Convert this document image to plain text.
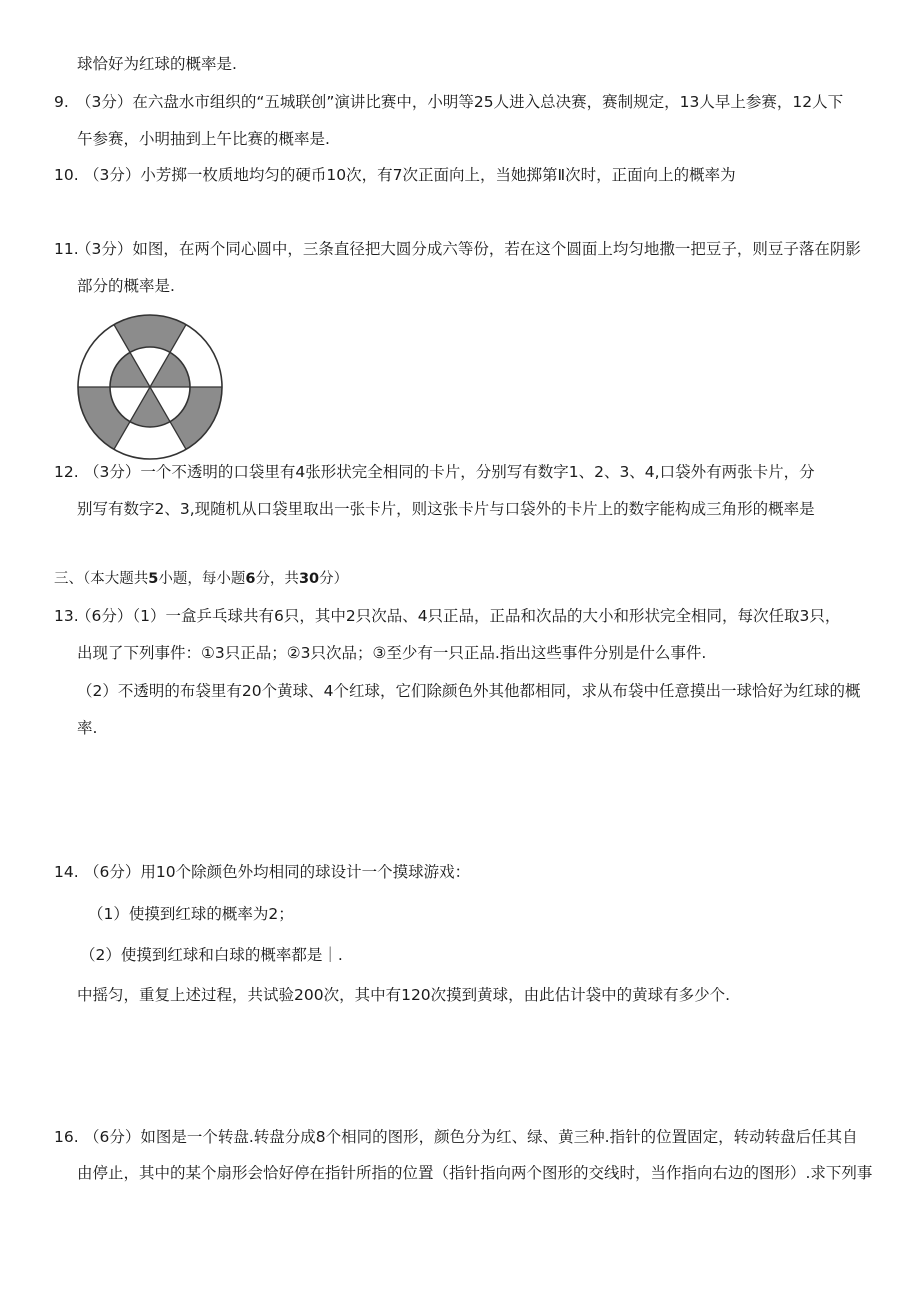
球恰好为红球的概率是.
9. （3分）在六盘水市组织的“五城联创”演讲比赛中，小明等25人进入总决赛，赛制规定，13人早上参赛，12人下
午参赛，小明抽到上午比赛的概率是.
10. （3分）小芳掷一枚质地均匀的硬币10次，有7次正面向上，当她掷第Ⅱ次时，正面向上的概率为
11.（3分）如图，在两个同心圆中，三条直径把大圆分成六等份，若在这个圆面上均匀地撒一把豆子，则豆子落在阴影
部分的概率是.
12. （3分）一个不透明的口袋里有4张形状完全相同的卡片，分别写有数字1、2、3、4,口袋外有两张卡片，分
别写有数字2、3,现随机从口袋里取出一张卡片，则这张卡片与口袋外的卡片上的数字能构成三角形的概率是
三、（本大题共5小题，每小题6分，共30分）
13.（6分）（1）一盒乒乓球共有6只，其中2只次品、4只正品，正品和次品的大小和形状完全相同，每次任取3只，
出现了下列事件：①3只正品；②3只次品；③至少有一只正品.指出这些事件分别是什么事件.
（2）不透明的布袋里有20个黄球、4个红球，它们除颜色外其他都相同，求从布袋中任意摸出一球恰好为红球的概
率.
14. （6分）用10个除颜色外均相同的球设计一个摸球游戏：
（1）使摸到红球的概率为2；
（2）使摸到红球和白球的概率都是｜.
中摇匀，重复上述过程，共试验200次，其中有120次摸到黄球，由此估计袋中的黄球有多少个.
16. （6分）如图是一个转盘.转盘分成8个相同的图形，颜色分为红、绿、黄三种.指针的位置固定，转动转盘后任其自
由停止，其中的某个扇形会恰好停在指针所指的位置（指针指向两个图形的交线时，当作指向右边的图形）.求下列事
